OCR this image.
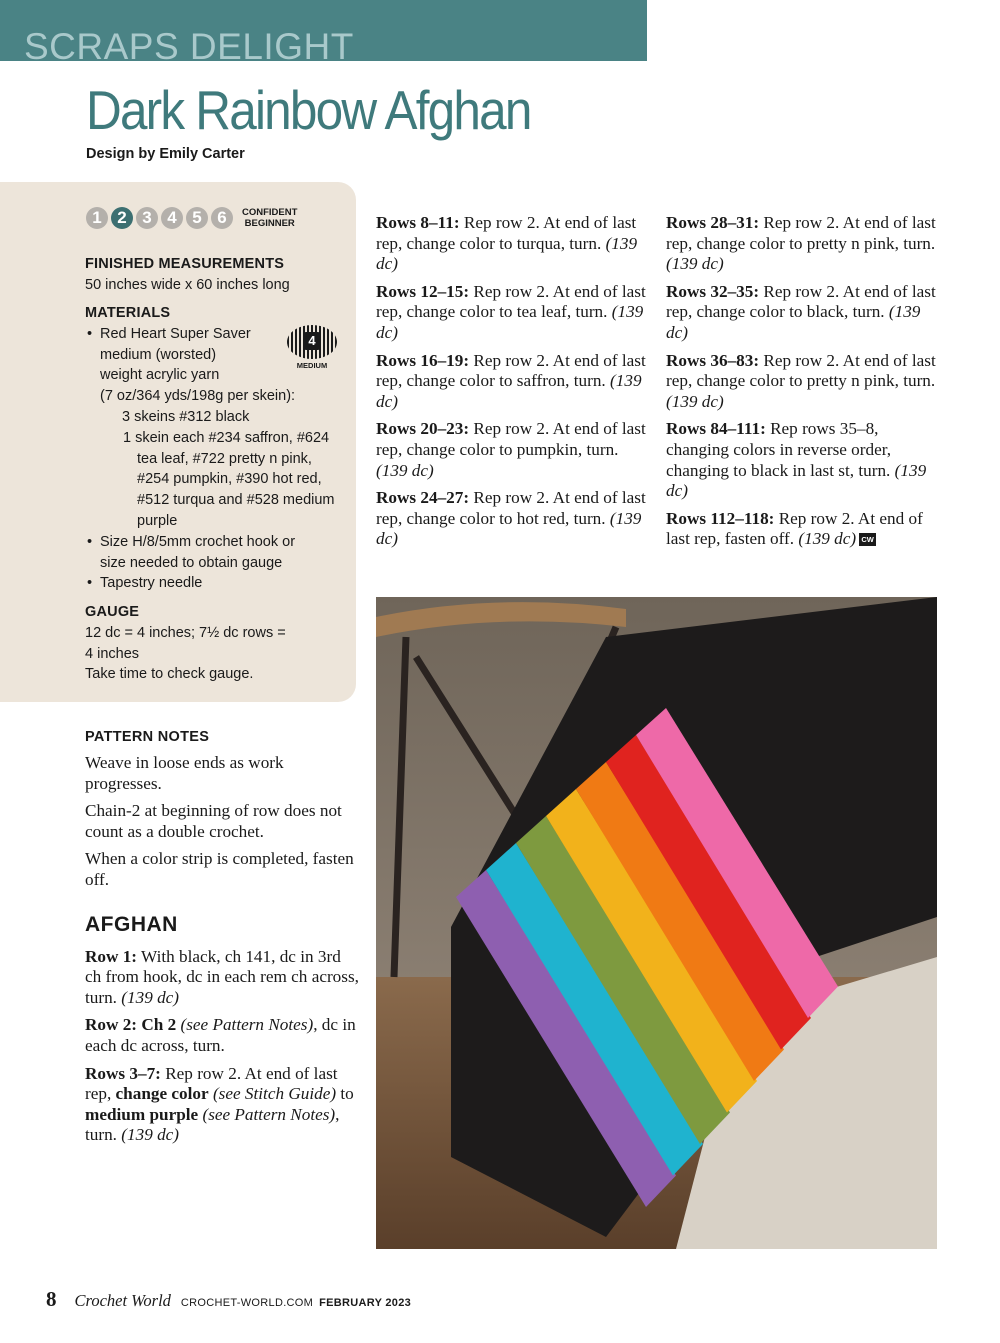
SCRAPS DELIGHT
Dark Rainbow Afghan
Design by Emily Carter
1 2 3 4 5 6	CONFIDENT
BEGINNER
FINISHED MEASUREMENTS

50 inches wide x 60 inches long

MATERIALS
• Red Heart Super Saver
medium (worsted)
weight acrylic yarn
(7 oz/364 yds/198g per skein):
3 skeins #312 black
1 skein each #234 saffron, #624 tea leaf, #722 pretty n pink, #254 pumpkin, #390 hot red, #512 turqua and #528 medium purple
• Size H/8/5mm crochet hook or
size needed to obtain gauge
• Tapestry needle
4
MEDIUM
GAUGE
12 dc = 4 inches; 7½ dc rows =
4 inches
Take time to check gauge.
PATTERN NOTES

Weave in loose ends as work progresses.

Chain-2 at beginning of row does not count as a double crochet.

When a color strip is completed, fasten off.

AFGHAN

Row 1: With black, ch 141, dc in 3rd ch from hook, dc in each rem ch across, turn. (139 dc)

Row 2: Ch 2 (see Pattern Notes), dc in each dc across, turn.

Rows 3–7: Rep row 2. At end of last rep, change color (see Stitch Guide) to medium purple (see Pattern Notes), turn. (139 dc)

Rows 8–11: Rep row 2. At end of last rep, change color to turqua, turn. (139 dc)

Rows 12–15: Rep row 2. At end of last rep, change color to tea leaf, turn. (139 dc)

Rows 16–19: Rep row 2. At end of last rep, change color to saffron, turn. (139 dc)

Rows 20–23: Rep row 2. At end of last rep, change color to pumpkin, turn. (139 dc)

Rows 24–27: Rep row 2. At end of last rep, change color to hot red, turn. (139 dc)

Rows 28–31: Rep row 2. At end of last rep, change color to pretty n pink, turn. (139 dc)

Rows 32–35: Rep row 2. At end of last rep, change color to black, turn. (139 dc)

Rows 36–83: Rep row 2. At end of last rep, change color to pretty n pink, turn. (139 dc)

Rows 84–111: Rep rows 35–8, changing colors in reverse order, changing to black in last st, turn. (139 dc)

Rows 112–118: Rep row 2. At end of last rep, fasten off. (139 dc) CW

8 Crochet World CROCHET-WORLD.COM FEBRUARY 2023
